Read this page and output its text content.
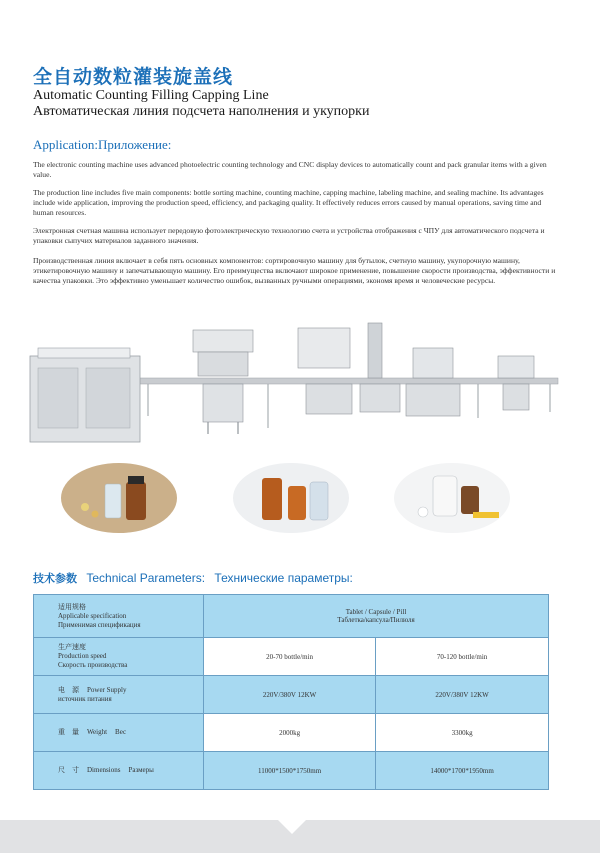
全自动数粒灌装旋盖线
Automatic Counting Filling Capping Line
Автоматическая линия подсчета наполнения и укупорки
Application:Приложение:

The electronic counting machine uses advanced photoelectric counting technology and CNC display devices to automatically count and pack granular items with a given value.

The production line includes five main components: bottle sorting machine, counting machine, capping machine, labeling machine, and sealing machine. Its advantages include wide application, improving the production speed, efficiency, and packaging quality. It effectively reduces errors caused by manual operations, saving time and human resources.

Электронная счетная машина использует передовую фотоэлектрическую технологию счета и устройства отображения с ЧПУ для автоматического подсчета и упаковки сыпучих материалов заданного значения.

Производственная линия включает в себя пять основных компонентов: сортировочную машину для бутылок, счетную машину, укупорочную машину, этикетировочную машину и запечатывающую машину. Его преимущества включают широкое применение, повышение скорости производства, эффективности и качества упаковки. Это эффективно уменьшает количество ошибок, вызванных ручными операциями, экономя время и человеческие ресурсы.

技术参数 Technical Parameters: Технические параметры:
适用规格
Applicable specification
Применимая спецификация	Tablet / Capsule / Pill
Таблетка/капсула/Пилюля	

生产速度
Production speed
Скорость производства	20-70 bottle/min	70-120 bottle/min
电　源 Power Supply
источник питания	220V/380V 12KW	220V/380V 12KW
重　量 Weight Вес	2000kg	3300kg
尺　寸 Dimensions Размеры	11000*1500*1750mm	14000*1700*1950mm
